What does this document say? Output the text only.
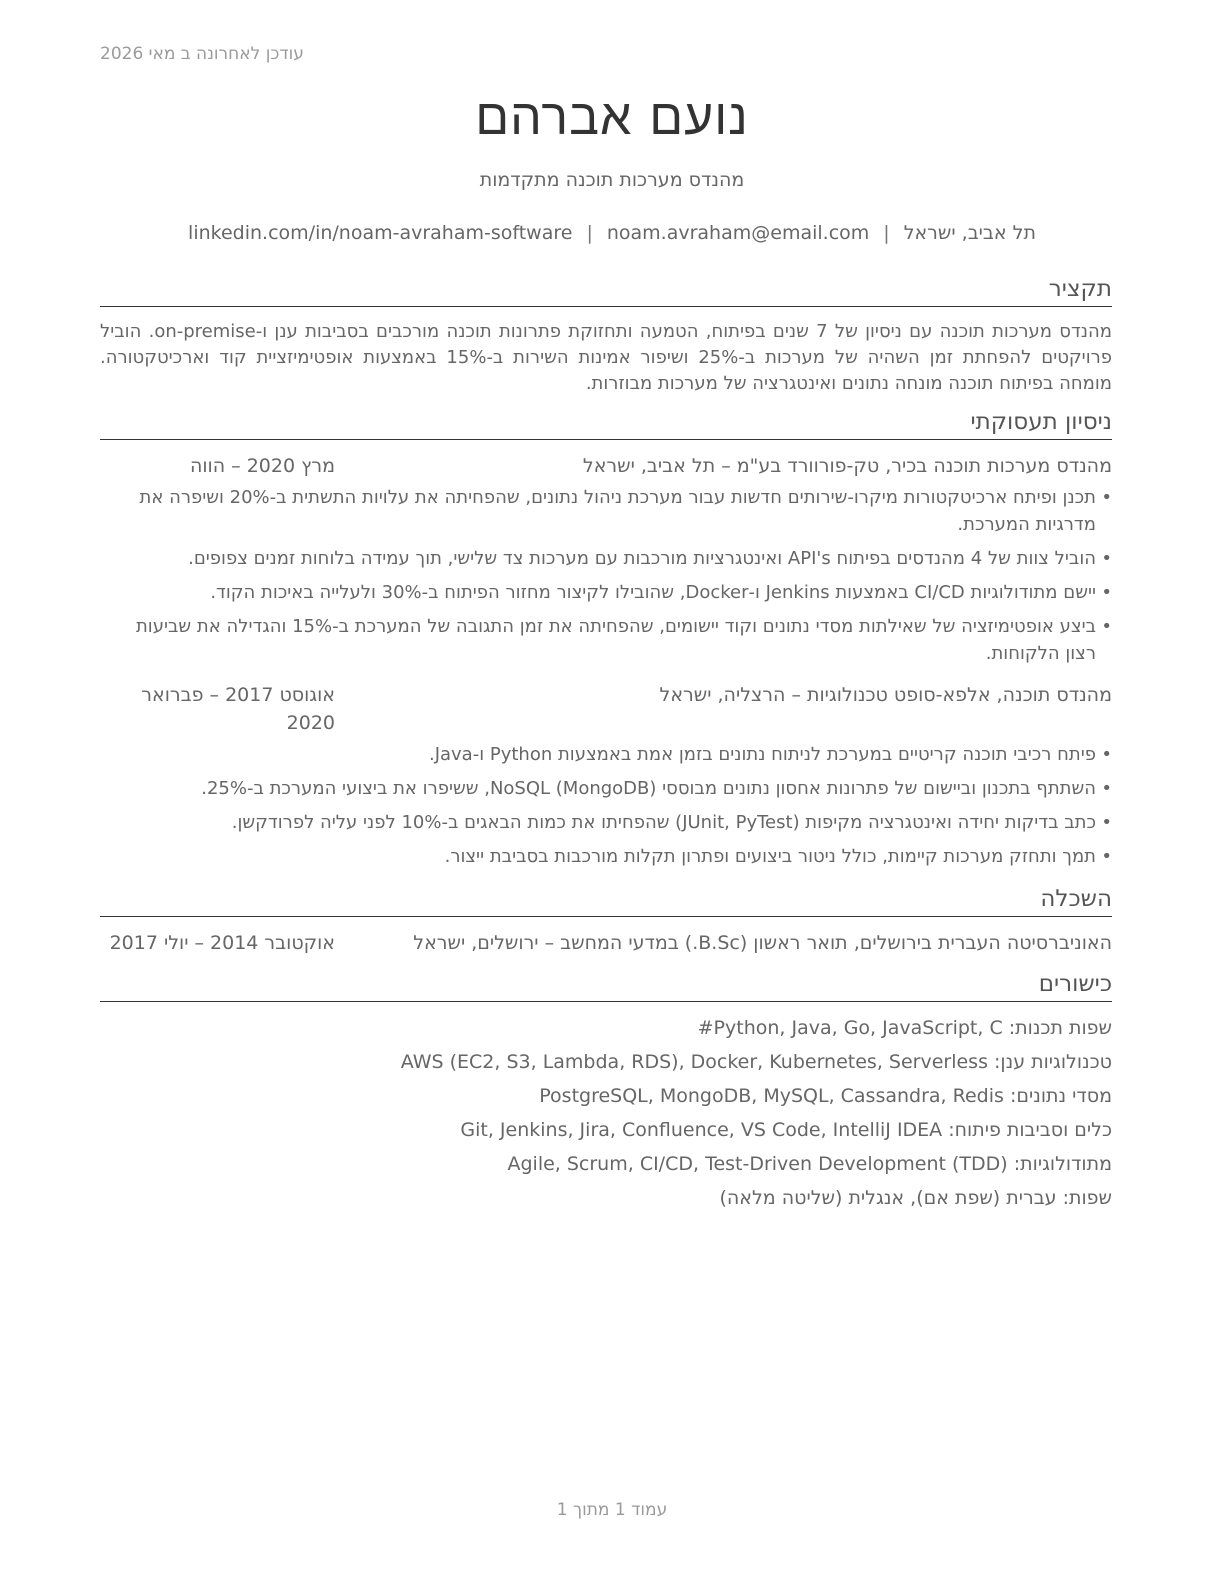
עודכן לאחרונה ב מאי 2026
נועם אברהם
מהנדס מערכות תוכנה מתקדמות
תל אביב, ישראל|noam.avraham@email.com|linkedin.com/in/noam-avraham-software
תקציר
מהנדס מערכות תוכנה עם ניסיון של 7 שנים בפיתוח, הטמעה ותחזוקת פתרונות תוכנה מורכבים בסביבות ענן ו-on-premise. הוביל פרויקטים להפחתת זמן השהיה של מערכות ב-25% ושיפור אמינות השירות ב-15% באמצעות אופטימיזציית קוד וארכיטקטורה. מומחה בפיתוח תוכנה מונחה נתונים ואינטגרציה של מערכות מבוזרות.
ניסיון תעסוקתי
מהנדס מערכות תוכנה בכיר, טק-פורוורד בע"מ – תל אביב, ישראל
מרץ 2020 – הווה
• תכנן ופיתח ארכיטקטורות מיקרו-שירותים חדשות עבור מערכת ניהול נתונים, שהפחיתה את עלויות התשתית ב-20% ושיפרה את מדרגיות המערכת.
• הוביל צוות של 4 מהנדסים בפיתוח API's ואינטגרציות מורכבות עם מערכות צד שלישי, תוך עמידה בלוחות זמנים צפופים.
• יישם מתודולוגיות CI/CD באמצעות Jenkins ו-Docker, שהובילו לקיצור מחזור הפיתוח ב-30% ולעלייה באיכות הקוד.
• ביצע אופטימיזציה של שאילתות מסדי נתונים וקוד יישומים, שהפחיתה את זמן התגובה של המערכת ב-15% והגדילה את שביעות רצון הלקוחות.
מהנדס תוכנה, אלפא-סופט טכנולוגיות – הרצליה, ישראל
אוגוסט 2017 – פברואר 2020
• פיתח רכיבי תוכנה קריטיים במערכת לניתוח נתונים בזמן אמת באמצעות Python ו-Java.
• השתתף בתכנון וביישום של פתרונות אחסון נתונים מבוססי NoSQL (MongoDB), ששיפרו את ביצועי המערכת ב-25%.
• כתב בדיקות יחידה ואינטגרציה מקיפות (JUnit, PyTest) שהפחיתו את כמות הבאגים ב-10% לפני עליה לפרודקשן.
• תמך ותחזק מערכות קיימות, כולל ניטור ביצועים ופתרון תקלות מורכבות בסביבת ייצור.
השכלה
האוניברסיטה העברית בירושלים, תואר ראשון (B.Sc.) במדעי המחשב – ירושלים, ישראל
אוקטובר 2014 – יולי 2017
כישורים
שפות תכנות: Python, Java, Go, JavaScript, C#
טכנולוגיות ענן: AWS (EC2, S3, Lambda, RDS), Docker, Kubernetes, Serverless
מסדי נתונים: PostgreSQL, MongoDB, MySQL, Cassandra, Redis
כלים וסביבות פיתוח: Git, Jenkins, Jira, Confluence, VS Code, IntelliJ IDEA
מתודולוגיות: Agile, Scrum, CI/CD, Test-Driven Development (TDD)
שפות: עברית (שפת אם), אנגלית (שליטה מלאה)
עמוד 1 מתוך 1
